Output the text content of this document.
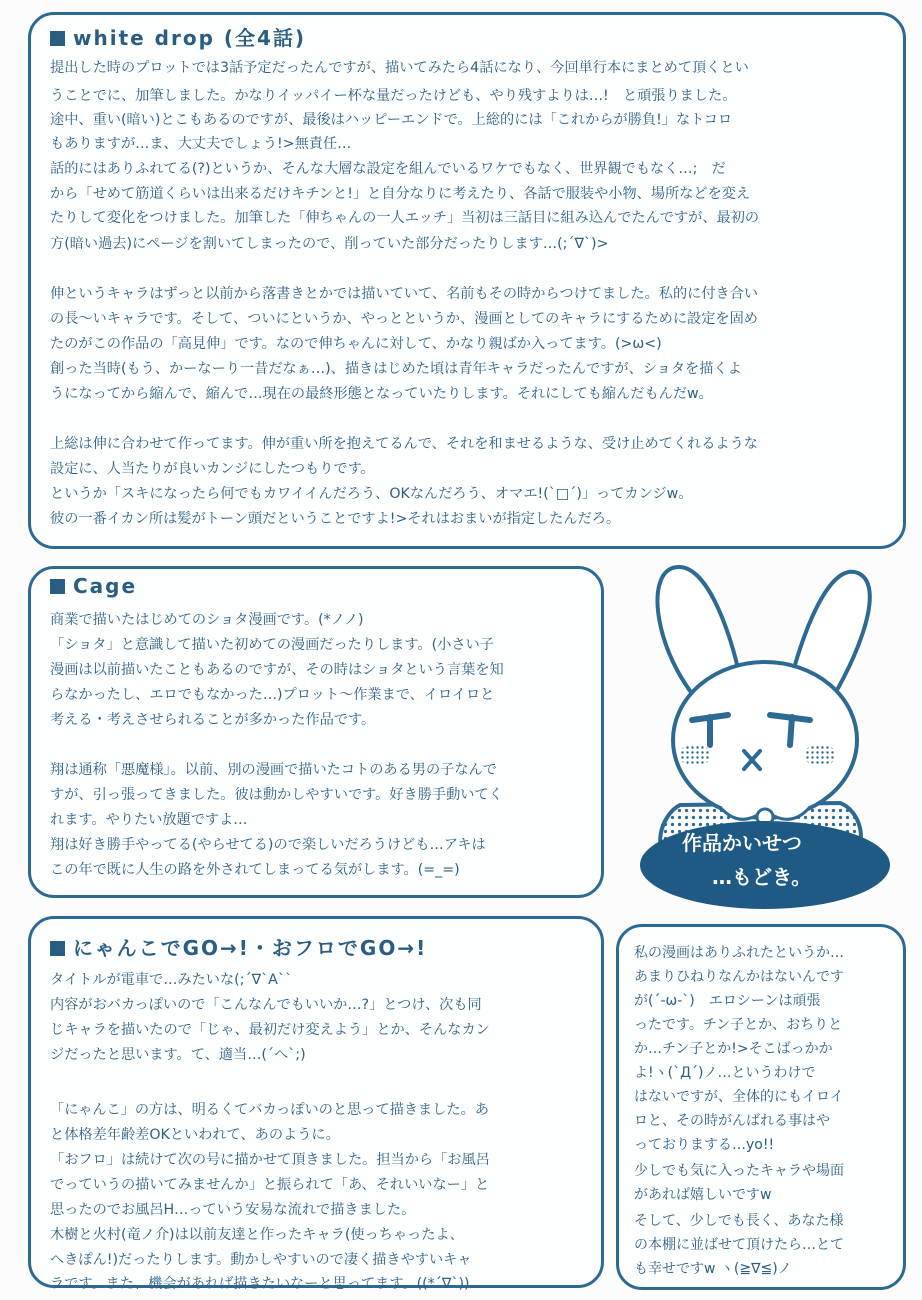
white drop (全4話)
提出した時のプロットでは3話予定だったんですが、描いてみたら4話になり、今回単行本にまとめて頂くとい
うことでに、加筆しました。かなりイッパイー杯な量だったけども、やり残すよりは…!　と頑張りました。
途中、重い(暗い)とこもあるのですが、最後はハッピーエンドで。上総的には「これからが勝負!」なトコロ
もありますが…ま、大丈夫でしょう!>無責任…
話的にはありふれてる(?)というか、そんな大層な設定を組んでいるワケでもなく、世界観でもなく…;　だ
から「せめて筋道くらいは出来るだけキチンと!」と自分なりに考えたり、各話で服装や小物、場所などを変え
たりして変化をつけました。加筆した「伸ちゃんの一人エッチ」当初は三話目に組み込んでたんですが、最初の
方(暗い過去)にページを割いてしまったので、削っていた部分だったりします…(;´∇`)>
伸というキャラはずっと以前から落書きとかでは描いていて、名前もその時からつけてました。私的に付き合い
の長〜いキャラです。そして、ついにというか、やっとというか、漫画としてのキャラにするために設定を固め
たのがこの作品の「高見伸」です。なので伸ちゃんに対して、かなり親ばか入ってます。(>ω<)
創った当時(もう、かーなーり一昔だなぁ…)、描きはじめた頃は青年キャラだったんですが、ショタを描くよ
うになってから縮んで、縮んで…現在の最終形態となっていたりします。それにしても縮んだもんだw。
上総は伸に合わせて作ってます。伸が重い所を抱えてるんで、それを和ませるような、受け止めてくれるような
設定に、人当たりが良いカンジにしたつもりです。
というか「スキになったら何でもカワイイんだろう、OKなんだろう、オマエ!(`□´)」ってカンジw。
彼の一番イカン所は髪がトーン頭だということですよ!>それはおまいが指定したんだろ。
Cage
商業で描いたはじめてのショタ漫画です。(*ノノ)
「ショタ」と意識して描いた初めての漫画だったりします。(小さい子
漫画は以前描いたこともあるのですが、その時はショタという言葉を知
らなかったし、エロでもなかった…)プロット〜作業まで、イロイロと
考える・考えさせられることが多かった作品です。
翔は通称「悪魔様」。以前、別の漫画で描いたコトのある男の子なんで
すが、引っ張ってきました。彼は動かしやすいです。好き勝手動いてく
れます。やりたい放題ですよ…
翔は好き勝手やってる(やらせてる)ので楽しいだろうけども…アキは
この年で既に人生の路を外されてしまってる気がします。(=_=)
作品かいせつ
…もどき。
にゃんこでGO→!・おフロでGO→!
タイトルが電車で…みたいな(;´∇`A``
内容がおバカっぽいので「こんなんでもいいか…?」とつけ、次も同
じキャラを描いたので「じゃ、最初だけ変えよう」とか、そんなカン
ジだったと思います。て、適当…(´へ`;)
「にゃんこ」の方は、明るくてバカっぽいのと思って描きました。あ
と体格差年齢差OKといわれて、あのように。
「おフロ」は続けて次の号に描かせて頂きました。担当から「お風呂
でっていうの描いてみませんか」と振られて「あ、それいいなー」と
思ったのでお風呂H…っていう安易な流れで描きました。
木樹と火村(竜ノ介)は以前友達と作ったキャラ(使っちゃったよ、
へきぽん!)だったりします。動かしやすいので凄く描きやすいキャ
ラです。また、機会があれば描きたいなーと思ってます。((*´∇`))
私の漫画はありふれたというか…
あまりひねりなんかはないんです
が(´-ω-`)　エロシーンは頑張
ったです。チン子とか、おちりと
か…チン子とか!>そこばっかか
よ!ヽ(`Д´)ノ…というわけで
はないですが、全体的にもイロイ
ロと、その時がんばれる事はや
っておりまする…yo!!
少しでも気に入ったキャラや場面
があれば嬉しいですw
そして、少しでも長く、あなた様
の本棚に並ばせて頂けたら…とて
も幸せですw ヽ(≧∇≦)ノ
